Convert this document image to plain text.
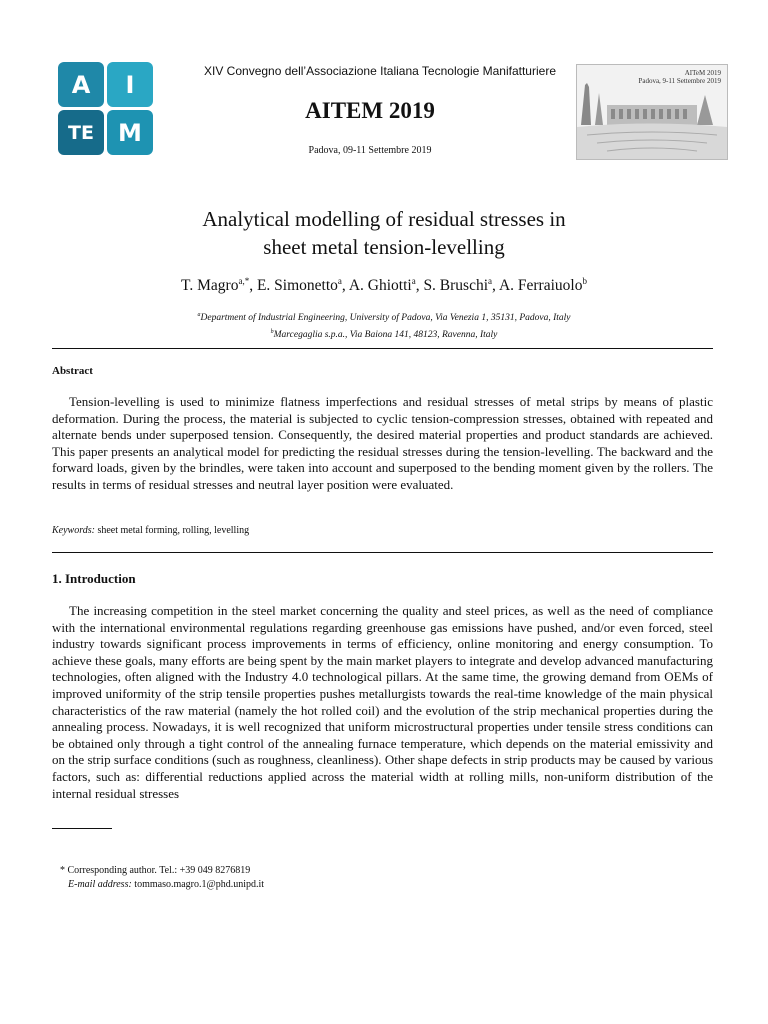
A	I
TE	M
XIV Convegno dell’Associazione Italiana Tecnologie Manifatturiere
AITEM 2019
Padova, 09-11 Settembre 2019
AITeM 2019
Padova, 9-11 Settembre 2019
Analytical modelling of residual stresses in
sheet metal tension-levelling
T. Magro$^{a,*}$, E. Simonetto$^a$, A. Ghiotti$^a$, S. Bruschi$^a$, A. Ferraiuolo$^b$
$^a$Department of Industrial Engineering, University of Padova, Via Venezia 1, 35131, Padova, Italy
$^b$Marcegaglia s.p.a., Via Baiona 141, 48123, Ravenna, Italy
Abstract
Tension-levelling is used to minimize flatness imperfections and residual stresses of metal strips by means of plastic deformation. During the process, the material is subjected to cyclic tension-compression stresses, obtained with repeated and alternate bends under superposed tension. Consequently, the desired material properties and product standards are achieved. This paper presents an analytical model for predicting the residual stresses during the tension-levelling. The backward and the forward loads, given by the brindles, were taken into account and superposed to the bending moment given by the rollers. The results in terms of residual stresses and neutral layer position were evaluated.
Keywords: sheet metal forming, rolling, levelling
1. Introduction
The increasing competition in the steel market concerning the quality and steel prices, as well as the need of compliance with the international environmental regulations regarding greenhouse gas emissions have pushed, and/or even forced, steel industry towards significant process improvements in terms of efficiency, online monitoring and energy consumption. To achieve these goals, many efforts are being spent by the main market players to integrate and develop advanced manufacturing technologies, often aligned with the Industry 4.0 technological pillars. At the same time, the growing demand from OEMs of improved uniformity of the strip tensile properties pushes metallurgists towards the real-time knowledge of the main physical characteristics of the raw material (namely the hot rolled coil) and the evolution of the strip mechanical properties during the annealing process. Nowadays, it is well recognized that uniform microstructural properties under tensile stress conditions can be obtained only through a tight control of the annealing furnace temperature, which depends on the material emissivity and on the strip surface conditions (such as roughness, cleanliness). Other shape defects in strip products may be caused by various factors, such as: differential reductions applied across the material width at rolling mills, non-uniform distribution of the internal residual stresses
* Corresponding author. Tel.: +39 049 8276819
E-mail address: tommaso.magro.1@phd.unipd.it
